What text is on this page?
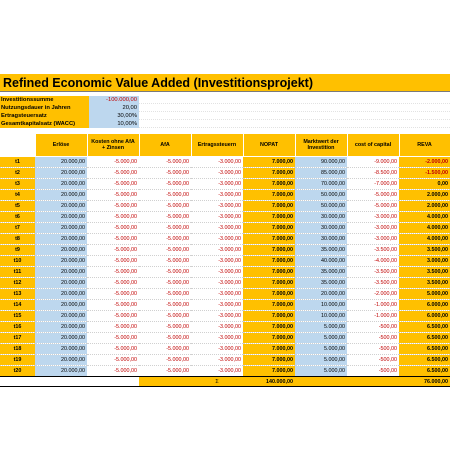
Refined Economic Value Added (Investitionsprojekt)
Investitionssumme	-100.000,00
Nutzungsdauer in Jahren	20,00
Ertragsteuersatz	30,00%
Gesamtkapitalsatz (WACC)	10,00%
	Erlöse	Kosten ohne AfA + Zinsen	AfA	Ertragssteuern	NOPAT	Marktwert der Investition	cost of capital	REVA
t1	20.000,00	-5.000,00	-5.000,00	-3.000,00	7.000,00	90.000,00	-9.000,00	-2.000,00
t2	20.000,00	-5.000,00	-5.000,00	-3.000,00	7.000,00	85.000,00	-8.500,00	-1.500,00
t3	20.000,00	-5.000,00	-5.000,00	-3.000,00	7.000,00	70.000,00	-7.000,00	0,00
t4	20.000,00	-5.000,00	-5.000,00	-3.000,00	7.000,00	50.000,00	-5.000,00	2.000,00
t5	20.000,00	-5.000,00	-5.000,00	-3.000,00	7.000,00	50.000,00	-5.000,00	2.000,00
t6	20.000,00	-5.000,00	-5.000,00	-3.000,00	7.000,00	30.000,00	-3.000,00	4.000,00
t7	20.000,00	-5.000,00	-5.000,00	-3.000,00	7.000,00	30.000,00	-3.000,00	4.000,00
t8	20.000,00	-5.000,00	-5.000,00	-3.000,00	7.000,00	30.000,00	-3.000,00	4.000,00
t9	20.000,00	-5.000,00	-5.000,00	-3.000,00	7.000,00	35.000,00	-3.500,00	3.500,00
t10	20.000,00	-5.000,00	-5.000,00	-3.000,00	7.000,00	40.000,00	-4.000,00	3.000,00
t11	20.000,00	-5.000,00	-5.000,00	-3.000,00	7.000,00	35.000,00	-3.500,00	3.500,00
t12	20.000,00	-5.000,00	-5.000,00	-3.000,00	7.000,00	35.000,00	-3.500,00	3.500,00
t13	20.000,00	-5.000,00	-5.000,00	-3.000,00	7.000,00	20.000,00	-2.000,00	5.000,00
t14	20.000,00	-5.000,00	-5.000,00	-3.000,00	7.000,00	10.000,00	-1.000,00	6.000,00
t15	20.000,00	-5.000,00	-5.000,00	-3.000,00	7.000,00	10.000,00	-1.000,00	6.000,00
t16	20.000,00	-5.000,00	-5.000,00	-3.000,00	7.000,00	5.000,00	-500,00	6.500,00
t17	20.000,00	-5.000,00	-5.000,00	-3.000,00	7.000,00	5.000,00	-500,00	6.500,00
t18	20.000,00	-5.000,00	-5.000,00	-3.000,00	7.000,00	5.000,00	-500,00	6.500,00
t19	20.000,00	-5.000,00	-5.000,00	-3.000,00	7.000,00	5.000,00	-500,00	6.500,00
t20	20.000,00	-5.000,00	-5.000,00	-3.000,00	7.000,00	5.000,00	-500,00	6.500,00
				Σ	140.000,00			76.000,00
